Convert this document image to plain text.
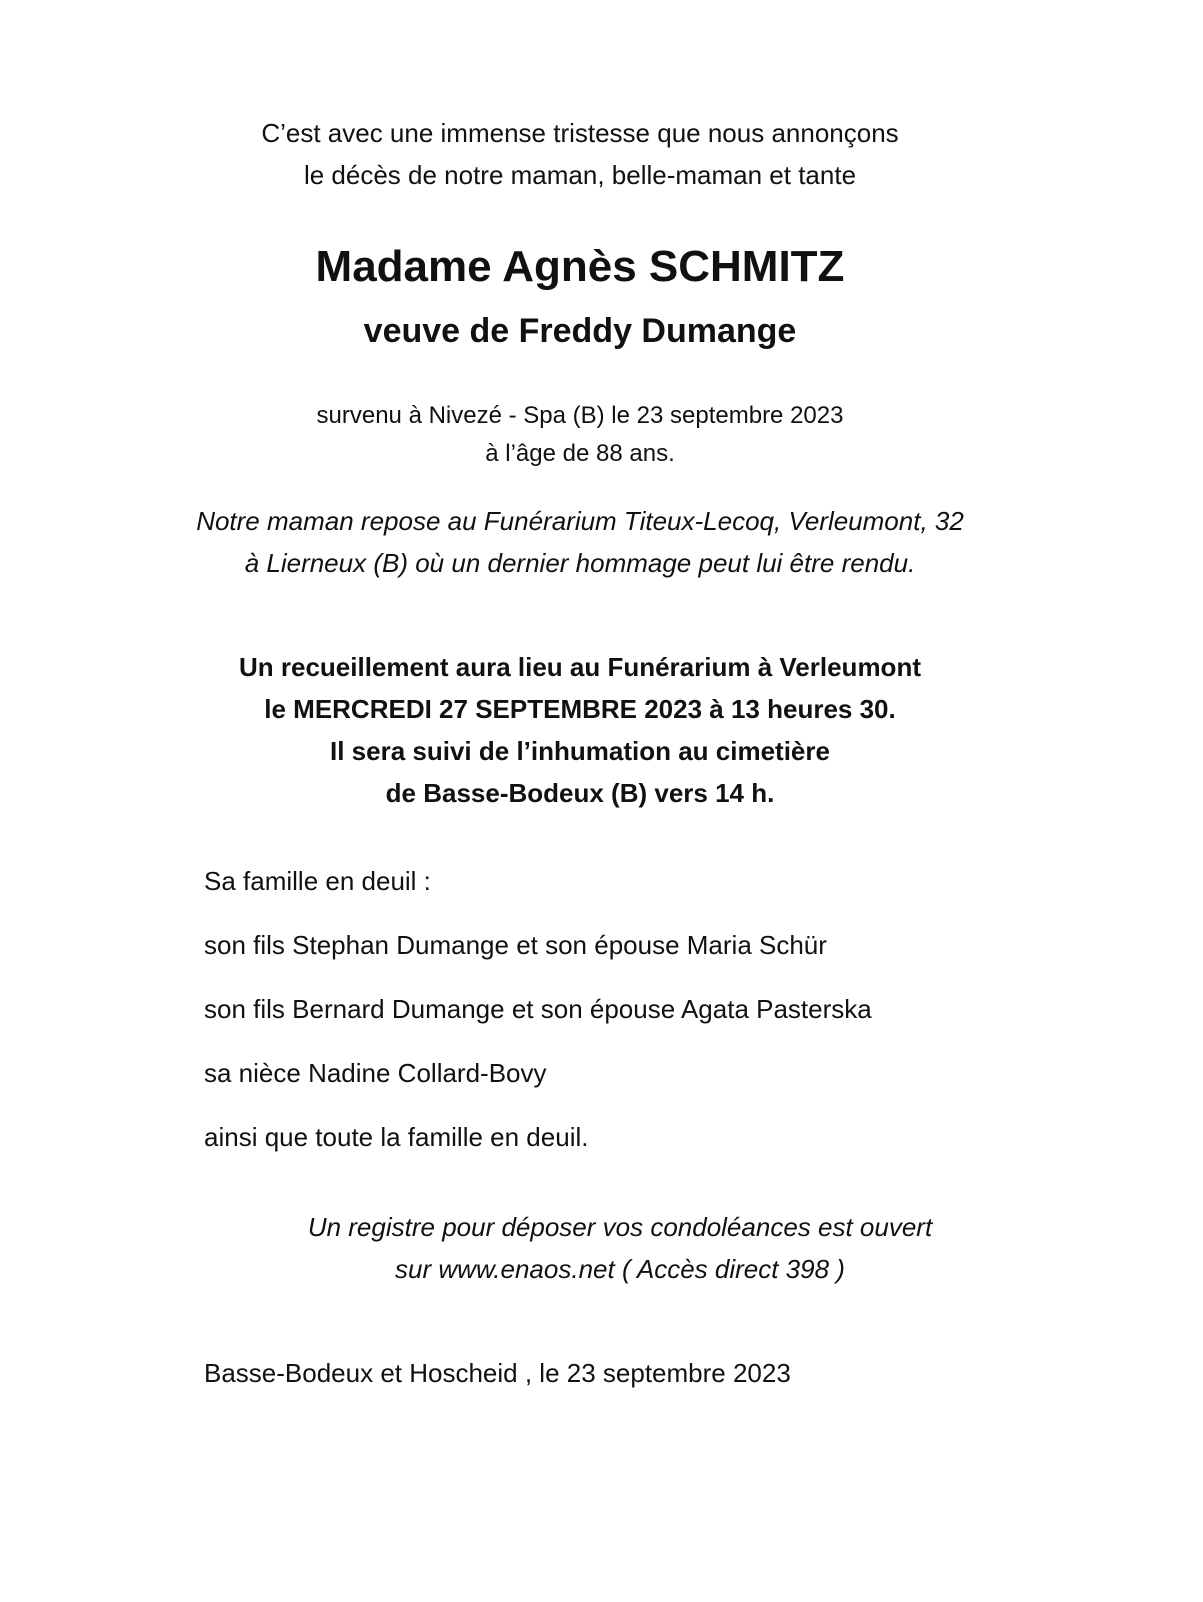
C’est avec une immense tristesse que nous annonçons
le décès de notre maman, belle-maman et tante
Madame Agnès SCHMITZ
veuve de Freddy Dumange
survenu à Nivezé - Spa (B) le 23 septembre 2023
à l’âge de 88 ans.
Notre maman repose au Funérarium Titeux-Lecoq, Verleumont, 32
à Lierneux (B) où un dernier hommage peut lui être rendu.
Un recueillement aura lieu au Funérarium à Verleumont
le MERCREDI 27 SEPTEMBRE 2023 à 13 heures 30.
Il sera suivi de l’inhumation au cimetière
de Basse-Bodeux (B) vers 14 h.
Sa famille en deuil :
son fils Stephan Dumange et son épouse Maria Schür
son fils Bernard Dumange et son épouse Agata Pasterska
sa nièce Nadine Collard-Bovy
ainsi que toute la famille en deuil.
Un registre pour déposer vos condoléances est ouvert
sur www.enaos.net ( Accès direct 398 )
Basse-Bodeux et Hoscheid , le 23 septembre 2023
